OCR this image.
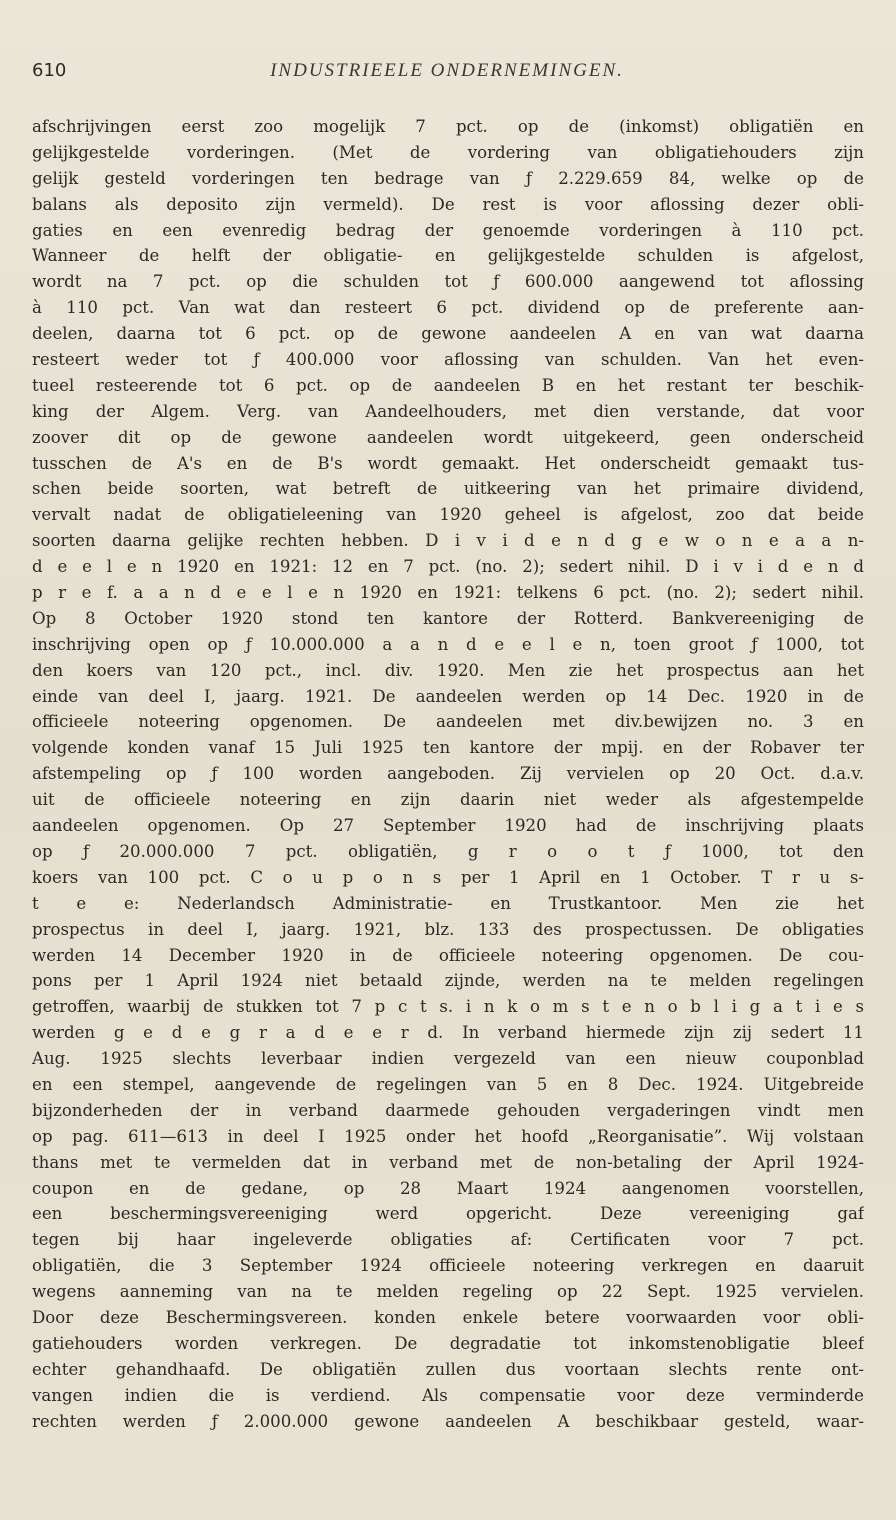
610	INDUSTRIEELE ONDERNEMINGEN.
afschrijvingen eerst zoo mogelijk 7 pct. op de (inkomst) obligatiën en
gelijkgestelde vorderingen. (Met de vordering van obligatiehouders zijn
gelijk gesteld vorderingen ten bedrage van ƒ 2.229.659 84, welke op de
balans als deposito zijn vermeld). De rest is voor aflossing dezer obli-
gaties en een evenredig bedrag der genoemde vorderingen à 110 pct.
Wanneer de helft der obligatie- en gelijkgestelde schulden is afgelost,
wordt na 7 pct. op die schulden tot ƒ 600.000 aangewend tot aflossing
à 110 pct. Van wat dan resteert 6 pct. dividend op de preferente aan-
deelen, daarna tot 6 pct. op de gewone aandeelen A en van wat daarna
resteert weder tot ƒ 400.000 voor aflossing van schulden. Van het even-
tueel resteerende tot 6 pct. op de aandeelen B en het restant ter beschik-
king der Algem. Verg. van Aandeelhouders, met dien verstande, dat voor
zoover dit op de gewone aandeelen wordt uitgekeerd, geen onderscheid
tusschen de A's en de B's wordt gemaakt. Het onderscheidt gemaakt tus-
schen beide soorten, wat betreft de uitkeering van het primaire dividend,
vervalt nadat de obligatieleening van 1920 geheel is afgelost, zoo dat beide
soorten daarna gelijke rechten hebben. D i v i d e n d g e w o n e a a n-
d e e l e n 1920 en 1921: 12 en 7 pct. (no. 2); sedert nihil. D i v i d e n d
p r e f. a a n d e e l e n 1920 en 1921: telkens 6 pct. (no. 2); sedert nihil.
Op 8 October 1920 stond ten kantore der Rotterd. Bankvereeniging de
inschrijving open op ƒ 10.000.000 a a n d e e l e n, toen groot ƒ 1000, tot
den koers van 120 pct., incl. div. 1920. Men zie het prospectus aan het
einde van deel I, jaarg. 1921. De aandeelen werden op 14 Dec. 1920 in de
officieele noteering opgenomen. De aandeelen met div.bewijzen no. 3 en
volgende konden vanaf 15 Juli 1925 ten kantore der mpij. en der Robaver ter
afstempeling op ƒ 100 worden aangeboden. Zij vervielen op 20 Oct. d.a.v.
uit de officieele noteering en zijn daarin niet weder als afgestempelde
aandeelen opgenomen. Op 27 September 1920 had de inschrijving plaats
op ƒ 20.000.000 7 pct. obligatiën, g r o o t ƒ 1000, tot den
koers van 100 pct. C o u p o n s per 1 April en 1 October. T r u s-
t e e: Nederlandsch Administratie- en Trustkantoor. Men zie het
prospectus in deel I, jaarg. 1921, blz. 133 des prospectussen. De obligaties
werden 14 December 1920 in de officieele noteering opgenomen. De cou-
pons per 1 April 1924 niet betaald zijnde, werden na te melden regelingen
getroffen, waarbij de stukken tot 7 p c t s. i n k o m s t e n o b l i g a t i e s
werden g e d e g r a d e e r d. In verband hiermede zijn zij sedert 11
Aug. 1925 slechts leverbaar indien vergezeld van een nieuw couponblad
en een stempel, aangevende de regelingen van 5 en 8 Dec. 1924. Uitgebreide
bijzonderheden der in verband daarmede gehouden vergaderingen vindt men
op pag. 611—613 in deel I 1925 onder het hoofd „Reorganisatie”. Wij volstaan
thans met te vermelden dat in verband met de non-betaling der April 1924-
coupon en de gedane, op 28 Maart 1924 aangenomen voorstellen,
een beschermingsvereeniging werd opgericht. Deze vereeniging gaf
tegen bij haar ingeleverde obligaties af: Certificaten voor 7 pct.
obligatiën, die 3 September 1924 officieele noteering verkregen en daaruit
wegens aanneming van na te melden regeling op 22 Sept. 1925 vervielen.
Door deze Beschermingsvereen. konden enkele betere voorwaarden voor obli-
gatiehouders worden verkregen. De degradatie tot inkomstenobligatie bleef
echter gehandhaafd. De obligatiën zullen dus voortaan slechts rente ont-
vangen indien die is verdiend. Als compensatie voor deze verminderde
rechten werden ƒ 2.000.000 gewone aandeelen A beschikbaar gesteld, waar-
